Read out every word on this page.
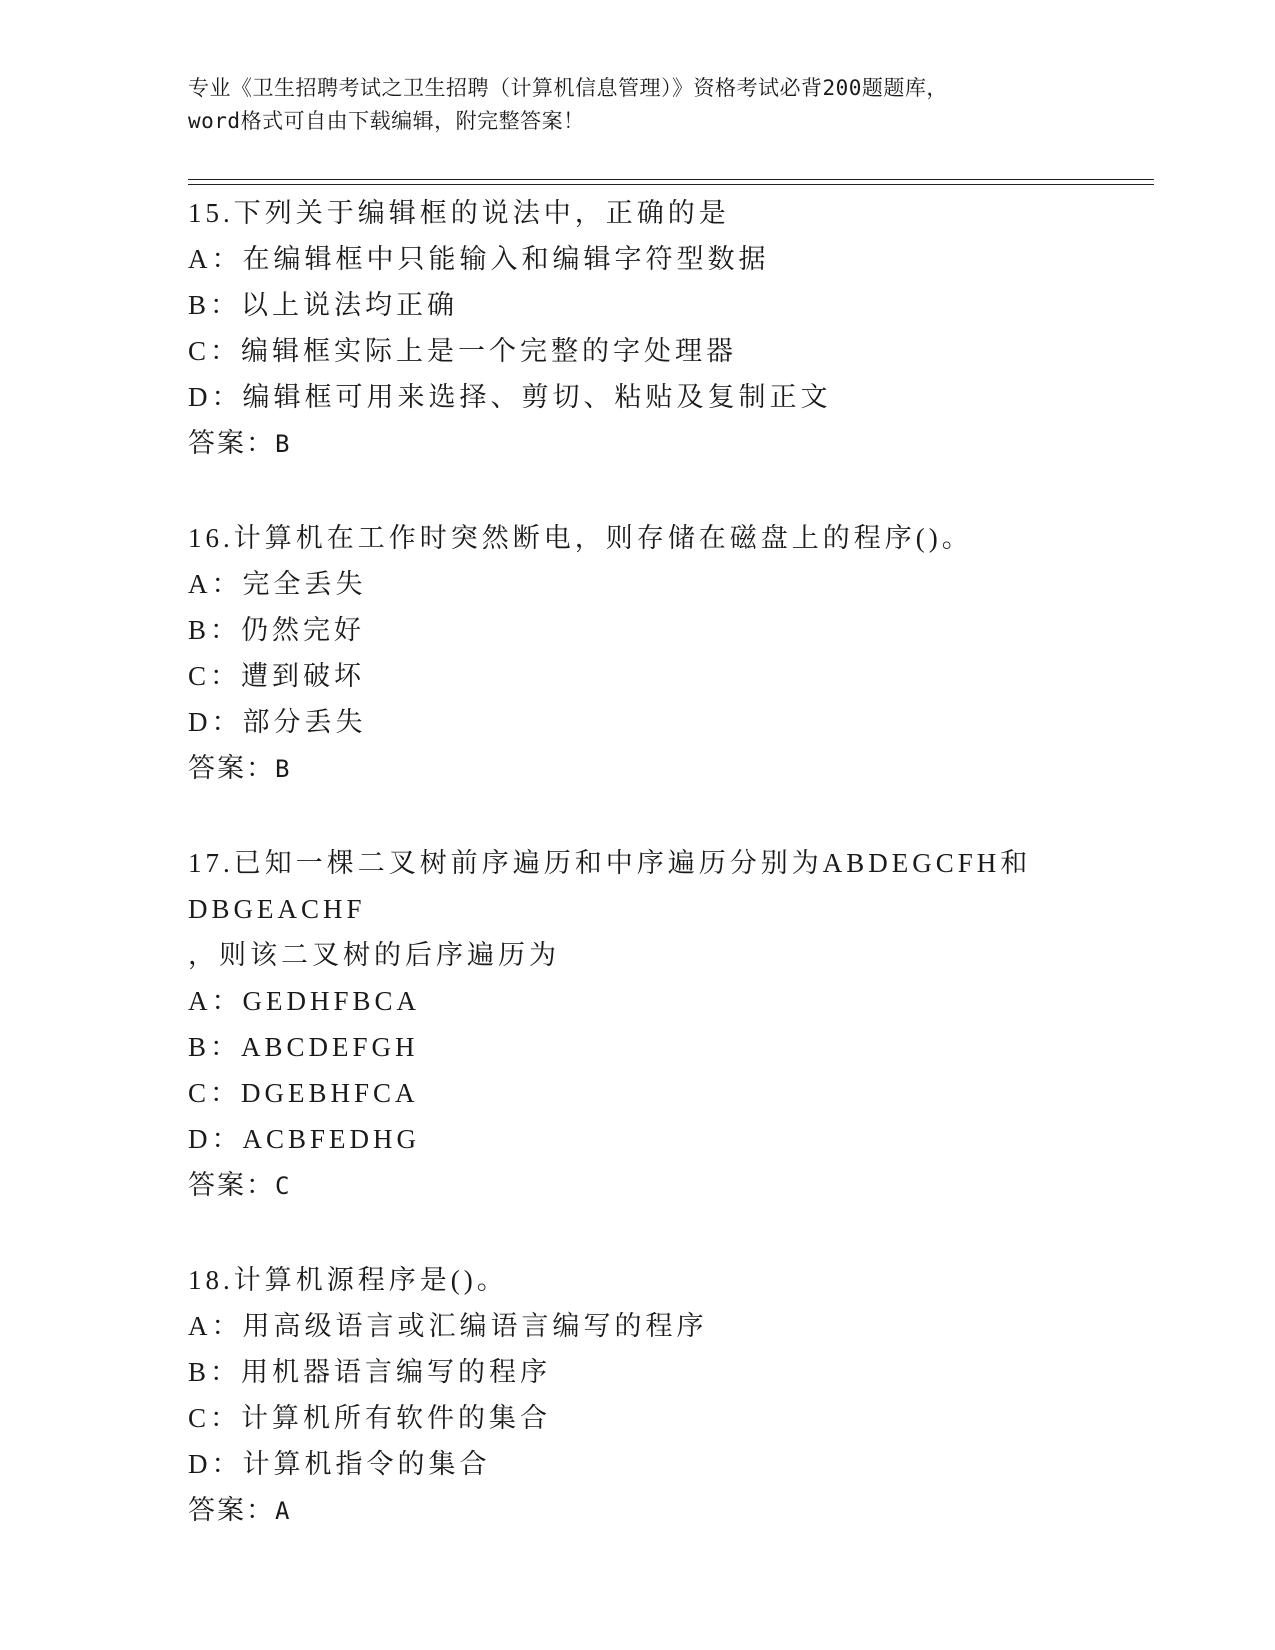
专业《卫生招聘考试之卫生招聘（计算机信息管理）》资格考试必背200题题库，
word格式可自由下载编辑，附完整答案！
15.下列关于编辑框的说法中，正确的是
A：在编辑框中只能输入和编辑字符型数据
B：以上说法均正确
C：编辑框实际上是一个完整的字处理器
D：编辑框可用来选择、剪切、粘贴及复制正文
答案：B
16.计算机在工作时突然断电，则存储在磁盘上的程序()。
A：完全丢失
B：仍然完好
C：遭到破坏
D：部分丢失
答案：B
17.已知一棵二叉树前序遍历和中序遍历分别为ABDEGCFH和DBGEACHF
，则该二叉树的后序遍历为
A：GEDHFBCA
B：ABCDEFGH
C：DGEBHFCA
D：ACBFEDHG
答案：C
18.计算机源程序是()。
A：用高级语言或汇编语言编写的程序
B：用机器语言编写的程序
C：计算机所有软件的集合
D：计算机指令的集合
答案：A
